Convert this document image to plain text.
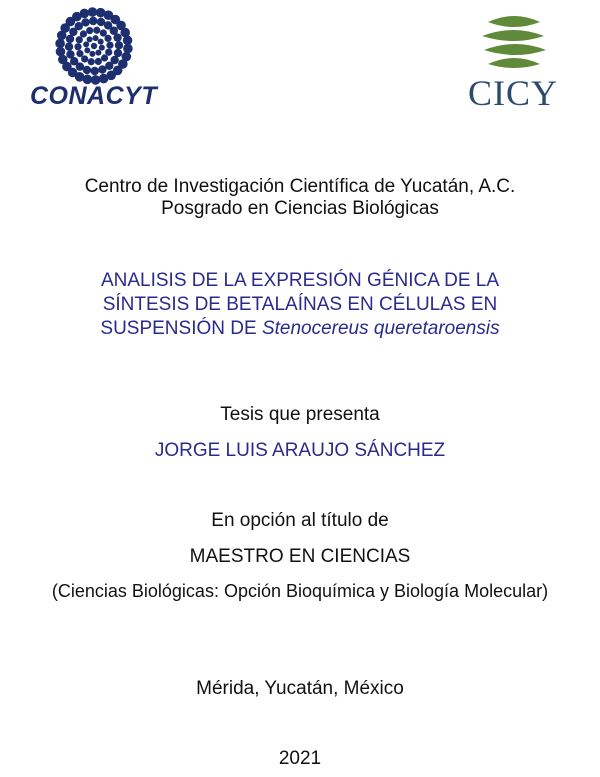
CONACYT	CICY
Centro de Investigación Científica de Yucatán, A.C.
Posgrado en Ciencias Biológicas
ANALISIS DE LA EXPRESIÓN GÉNICA DE LA
SÍNTESIS DE BETALAÍNAS EN CÉLULAS EN
SUSPENSIÓN DE Stenocereus queretaroensis
Tesis que presenta
JORGE LUIS ARAUJO SÁNCHEZ
En opción al título de
MAESTRO EN CIENCIAS
(Ciencias Biológicas: Opción Bioquímica y Biología Molecular)
Mérida, Yucatán, México
2021
